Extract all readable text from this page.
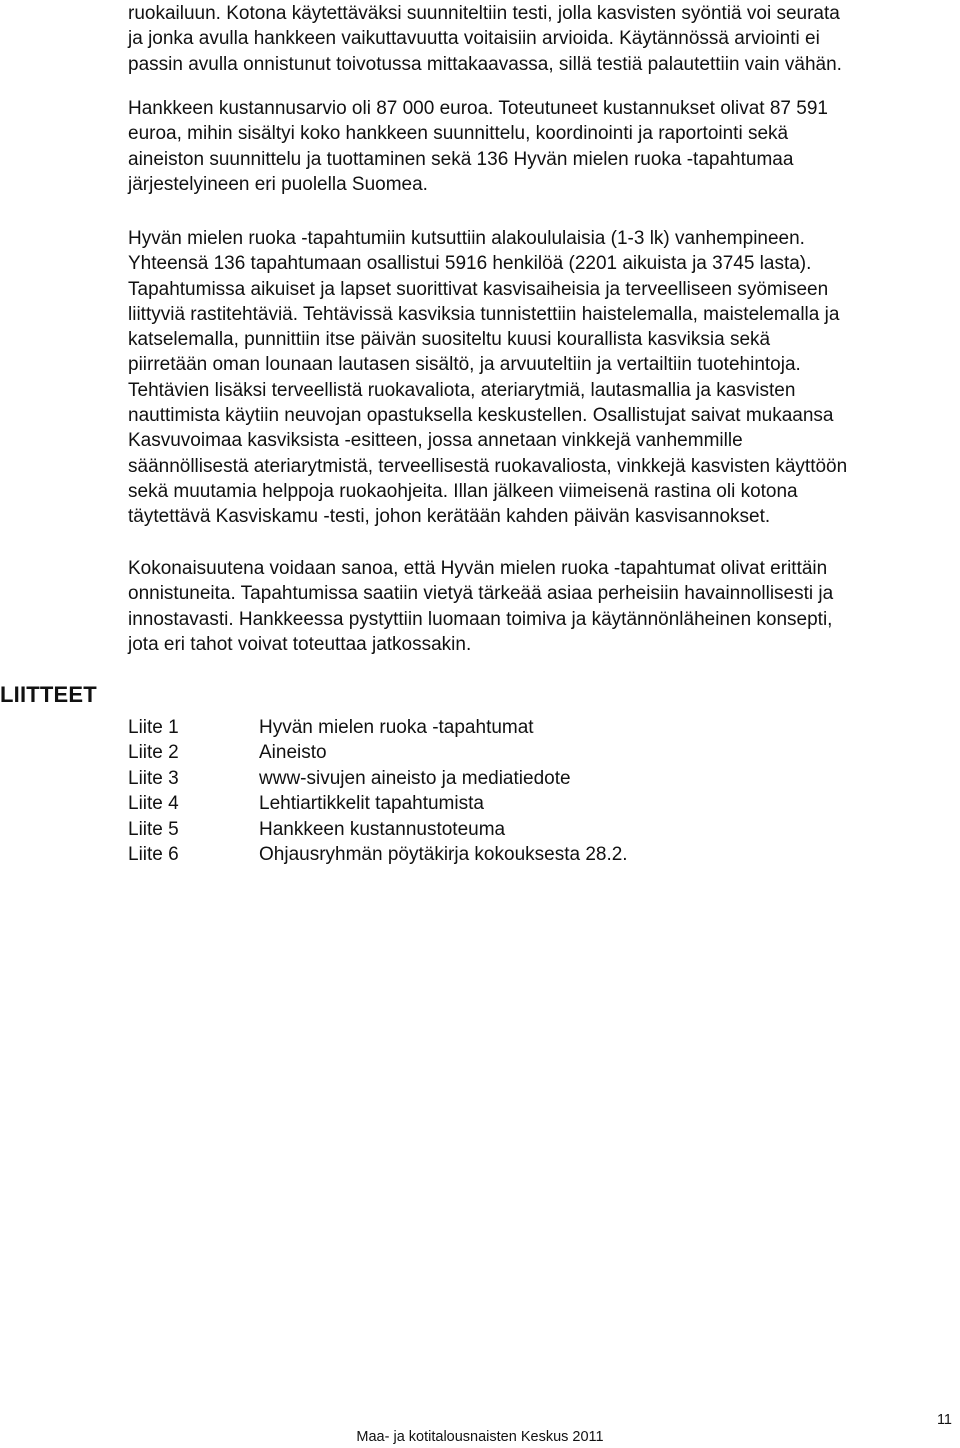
ruokailuun. Kotona käytettäväksi suunniteltiin testi, jolla kasvisten syöntiä voi seurata
ja jonka avulla hankkeen vaikuttavuutta voitaisiin arvioida. Käytännössä arviointi ei
passin avulla onnistunut toivotussa mittakaavassa, sillä testiä palautettiin vain vähän.

Hankkeen kustannusarvio oli 87 000 euroa. Toteutuneet kustannukset olivat 87 591
euroa, mihin sisältyi koko hankkeen suunnittelu, koordinointi ja raportointi sekä
aineiston suunnittelu ja tuottaminen sekä 136 Hyvän mielen ruoka -tapahtumaa
järjestelyineen eri puolella Suomea.

Hyvän mielen ruoka -tapahtumiin kutsuttiin alakoululaisia (1-3 lk) vanhempineen.
Yhteensä 136 tapahtumaan osallistui 5916 henkilöä (2201 aikuista ja 3745 lasta).
Tapahtumissa aikuiset ja lapset suorittivat kasvisaiheisia ja terveelliseen syömiseen
liittyviä rastitehtäviä. Tehtävissä kasviksia tunnistettiin haistelemalla, maistelemalla ja
katselemalla, punnittiin itse päivän suositeltu kuusi kourallista kasviksia sekä
piirretään oman lounaan lautasen sisältö, ja arvuuteltiin ja vertailtiin tuotehintoja.
Tehtävien lisäksi terveellistä ruokavaliota, ateriarytmiä, lautasmallia ja kasvisten
nauttimista käytiin neuvojan opastuksella keskustellen. Osallistujat saivat mukaansa
Kasvuvoimaa kasviksista -esitteen, jossa annetaan vinkkejä vanhemmille
säännöllisestä ateriarytmistä, terveellisestä ruokavaliosta, vinkkejä kasvisten käyttöön
sekä muutamia helppoja ruokaohjeita. Illan jälkeen viimeisenä rastina oli kotona
täytettävä Kasviskamu -testi, johon kerätään kahden päivän kasvisannokset.

Kokonaisuutena voidaan sanoa, että Hyvän mielen ruoka -tapahtumat olivat erittäin
onnistuneita. Tapahtumissa saatiin vietyä tärkeää asiaa perheisiin havainnollisesti ja
innostavasti. Hankkeessa pystyttiin luomaan toimiva ja käytännönläheinen konsepti,
jota eri tahot voivat toteuttaa jatkossakin.

LIITTEET
Liite 1	Hyvän mielen ruoka -tapahtumat
Liite 2	Aineisto
Liite 3	www-sivujen aineisto ja mediatiedote
Liite 4	Lehtiartikkelit tapahtumista
Liite 5	Hankkeen kustannustoteuma
Liite 6	Ohjausryhmän pöytäkirja kokouksesta 28.2.
11
Maa- ja kotitalousnaisten Keskus 2011
